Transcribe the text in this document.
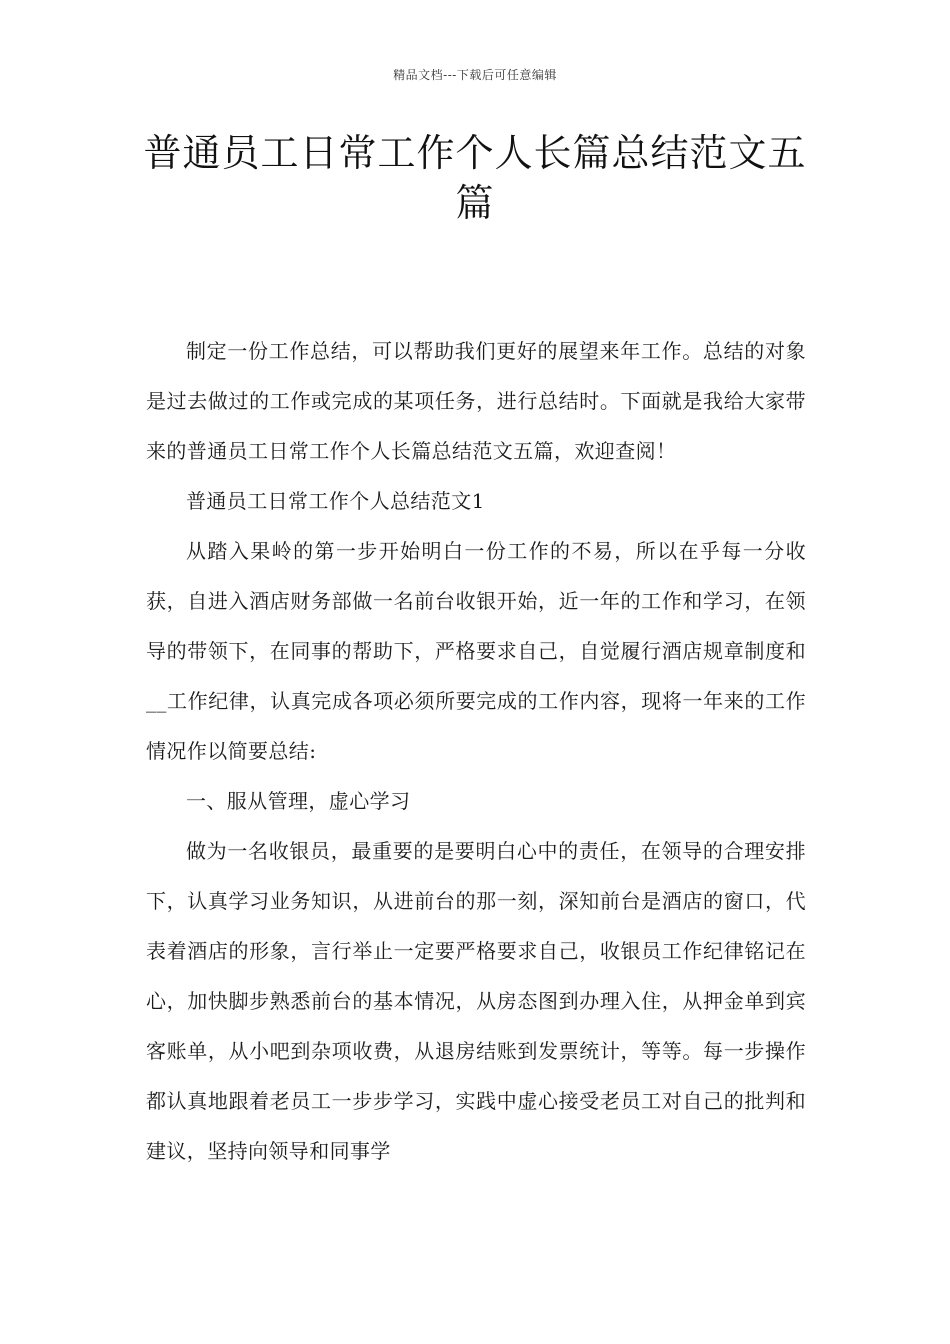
精品文档---下载后可任意编辑
普通员工日常工作个人长篇总结范文五篇

制定一份工作总结，可以帮助我们更好的展望来年工作。总结的对象是过去做过的工作或完成的某项任务，进行总结时。下面就是我给大家带来的普通员工日常工作个人长篇总结范文五篇，欢迎查阅！

普通员工日常工作个人总结范文1

从踏入果岭的第一步开始明白一份工作的不易，所以在乎每一分收获，自进入酒店财务部做一名前台收银开始，近一年的工作和学习，在领导的带领下，在同事的帮助下，严格要求自己，自觉履行酒店规章制度和__工作纪律，认真完成各项必须所要完成的工作内容，现将一年来的工作情况作以简要总结:

一、服从管理，虚心学习

做为一名收银员，最重要的是要明白心中的责任，在领导的合理安排下，认真学习业务知识，从进前台的那一刻，深知前台是酒店的窗口，代表着酒店的形象，言行举止一定要严格要求自己，收银员工作纪律铭记在心，加快脚步熟悉前台的基本情况，从房态图到办理入住，从押金单到宾客账单，从小吧到杂项收费，从退房结账到发票统计，等等。每一步操作都认真地跟着老员工一步步学习，实践中虚心接受老员工对自己的批判和建议，坚持向领导和同事学
